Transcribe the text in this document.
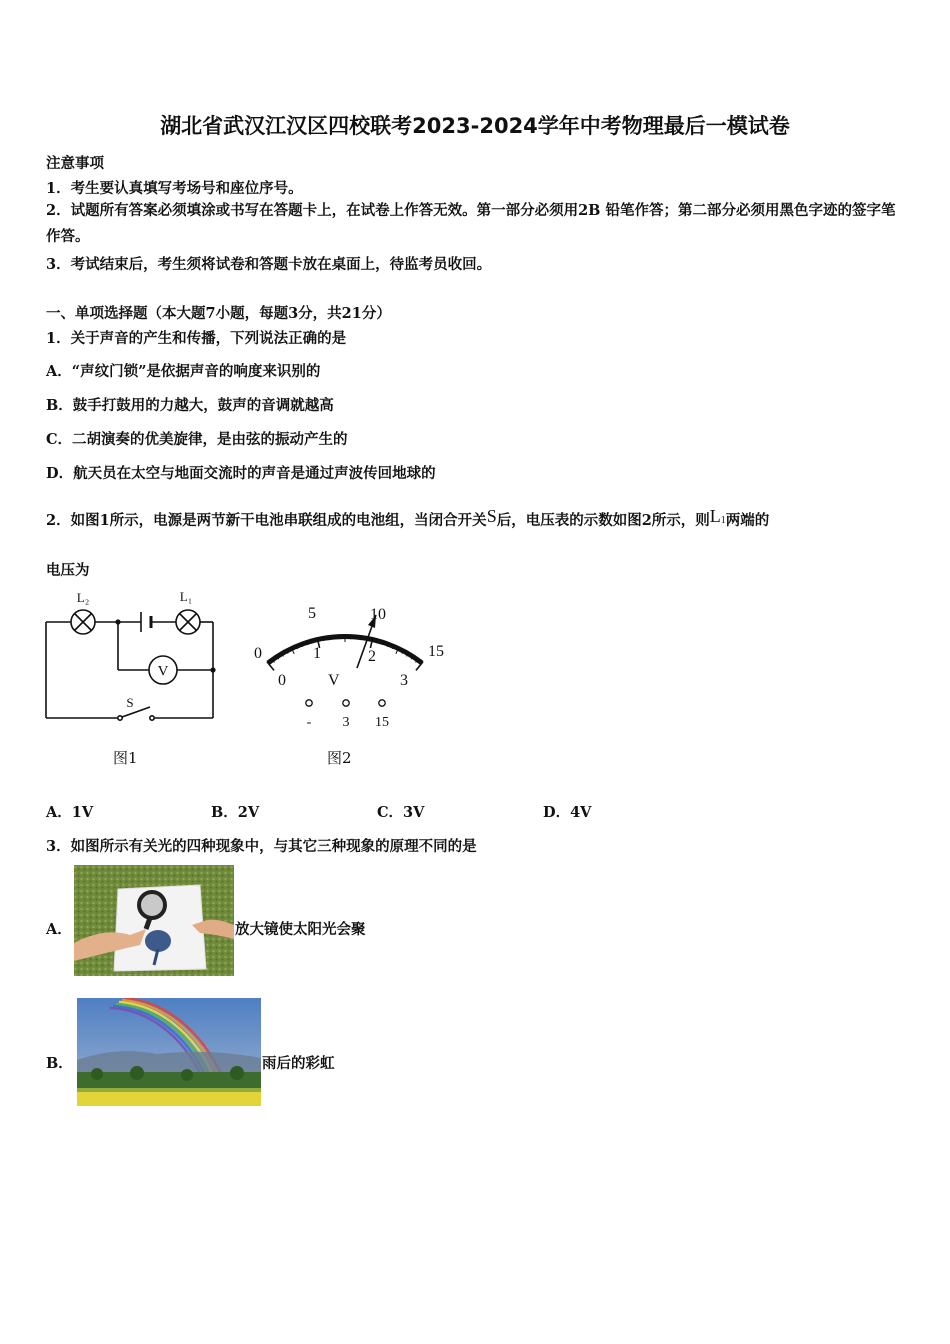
湖北省武汉江汉区四校联考2023-2024学年中考物理最后一模试卷
注意事项
1．考生要认真填写考场号和座位序号。
2．试题所有答案必须填涂或书写在答题卡上，在试卷上作答无效。第一部分必须用2B 铅笔作答；第二部分必须用黑色字迹的签字笔作答。
3．考试结束后，考生须将试卷和答题卡放在桌面上，待监考员收回。
一、单项选择题（本大题7小题，每题3分，共21分）
1．关于声音的产生和传播，下列说法正确的是
A．“声纹门锁”是依据声音的响度来识别的
B．鼓手打鼓用的力越大，鼓声的音调就越高
C．二胡演奏的优美旋律，是由弦的振动产生的
D．航天员在太空与地面交流时的声音是通过声波传回地球的
2．如图1所示，电源是两节新干电池串联组成的电池组，当闭合开关S后，电压表的示数如图2所示，则L1两端的
电压为
V
L₂	L₁
S
图1
0
5	10
15
0
1	2
3
V
- 3 15
图2
A．1V	B．2V	C．3V	D．4V
3．如图所示有关光的四种现象中，与其它三种现象的原理不同的是
A．	放大镜使太阳光会聚
B．	雨后的彩虹
